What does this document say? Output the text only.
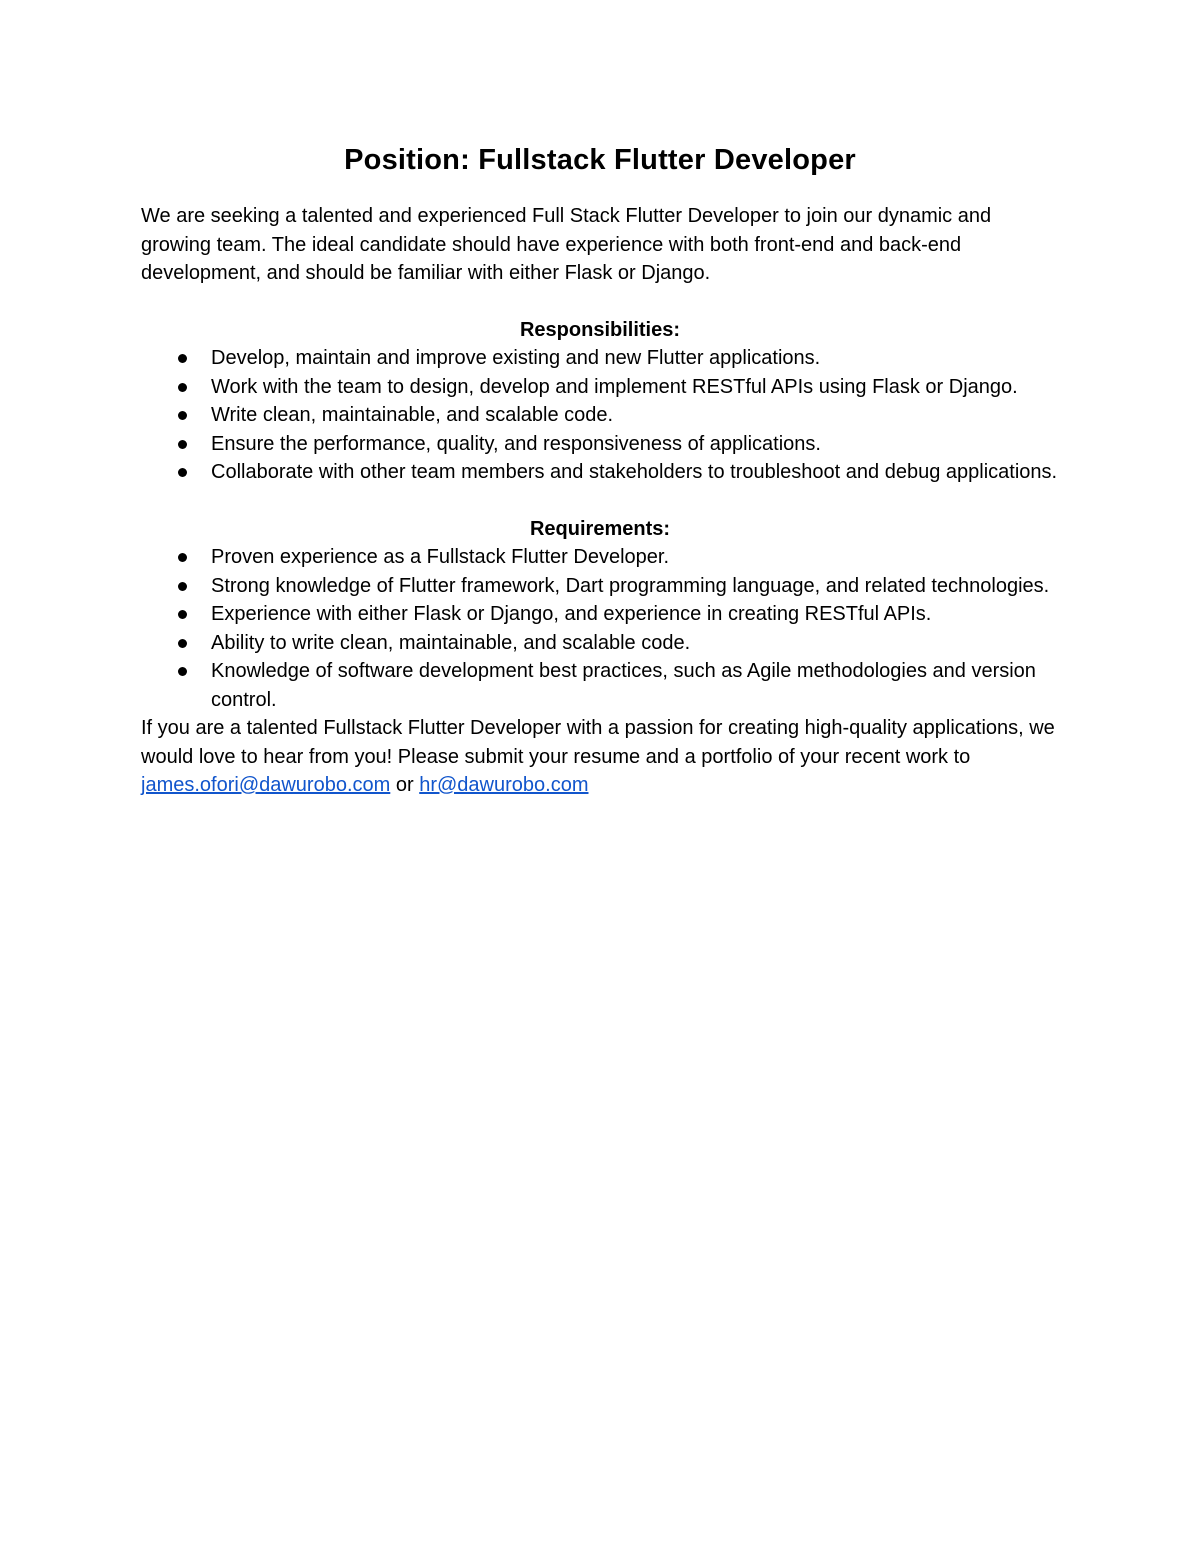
Position: Fullstack Flutter Developer

We are seeking a talented and experienced Full Stack Flutter Developer to join our dynamic and growing team. The ideal candidate should have experience with both front-end and back-end development, and should be familiar with either Flask or Django.

Responsibilities:
Develop, maintain and improve existing and new Flutter applications.
Work with the team to design, develop and implement RESTful APIs using Flask or Django.
Write clean, maintainable, and scalable code.
Ensure the performance, quality, and responsiveness of applications.
Collaborate with other team members and stakeholders to troubleshoot and debug applications.
Requirements:
Proven experience as a Fullstack Flutter Developer.
Strong knowledge of Flutter framework, Dart programming language, and related technologies.
Experience with either Flask or Django, and experience in creating RESTful APIs.
Ability to write clean, maintainable, and scalable code.
Knowledge of software development best practices, such as Agile methodologies and version control.

If you are a talented Fullstack Flutter Developer with a passion for creating high-quality applications, we would love to hear from you! Please submit your resume and a portfolio of your recent work to james.ofori@dawurobo.com or hr@dawurobo.com
